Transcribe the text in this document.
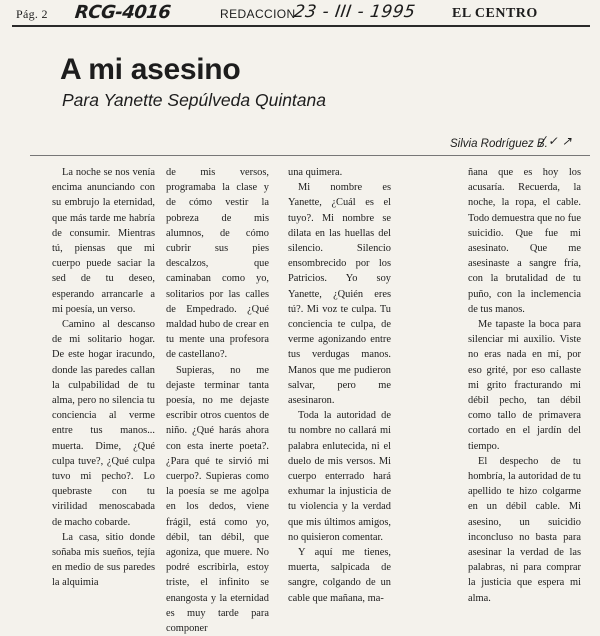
Pág. 2 RCG-4016	REDACCION
23 - III - 1995	EL CENTRO
A mi asesino
Para Yanette Sepúlveda Quintana
Silvia Rodríguez B.
/ ✓ ↗

La noche se nos venía encima anunciando con su embrujo la eternidad, que más tarde me habría de consumir. Mientras tú, piensas que mi cuerpo puede saciar la sed de tu deseo, esperando arrancarle a mi poesía, un verso.

Camino al descanso de mi solitario hogar. De este hogar iracundo, donde las paredes callan la culpabilidad de tu alma, pero no silencia tu conciencia al verme entre tus manos... muerta. Dime, ¿Qué culpa tuve?, ¿Qué culpa tuvo mi pecho?. Lo quebraste con tu virilidad menoscabada de macho cobarde.

La casa, sitio donde soñaba mis sueños, tejía en medio de sus paredes la alquimia

de mis versos, programaba la clase y de cómo vestir la pobreza de mis alumnos, de cómo cubrir sus pies descalzos, que caminaban como yo, solitarios por las calles de Empedrado. ¿Qué maldad hubo de crear en tu mente una profesora de castellano?.

Supieras, no me dejaste terminar tanta poesía, no me dejaste escribir otros cuentos de niño. ¿Qué harás ahora con esta inerte poeta?. ¿Para qué te sirvió mi cuerpo?. Supieras como la poesía se me agolpa en los dedos, viene frágil, está como yo, débil, tan débil, que agoniza, que muere. No podré escribirla, estoy triste, el infinito se enangosta y la eternidad es muy tarde para componer

una quimera.

Mi nombre es Yanette, ¿Cuál es el tuyo?. Mi nombre se dilata en las huellas del silencio. Silencio ensombrecido por los Patricios. Yo soy Yanette, ¿Quién eres tú?. Mi voz te culpa. Tu conciencia te culpa, de verme agonizando entre tus verdugas manos. Manos que me pudieron salvar, pero me asesinaron.

Toda la autoridad de tu nombre no callará mi palabra enlutecida, ni el duelo de mis versos. Mi cuerpo enterrado hará exhumar la injusticia de tu violencia y la verdad que mis últimos amigos, no quisieron comentar.

Y aquí me tienes, muerta, salpicada de sangre, colgando de un cable que mañana, ma-

ñana que es hoy los acusaría. Recuerda, la noche, la ropa, el cable. Todo demuestra que no fue suicidio. Que fue mi asesinato. Que me asesinaste a sangre fría, con la brutalidad de tu puño, con la inclemencia de tus manos.

Me tapaste la boca para silenciar mi auxilio. Viste no eras nada en mí, por eso grité, por eso callaste mi grito fracturando mi débil pecho, tan débil como tallo de primavera cortado en el jardín del tiempo.

El despecho de tu hombría, la autoridad de tu apellido te hizo colgarme en un débil cable. Mi asesino, un suicidio inconcluso no basta para asesinar la verdad de las palabras, ni para comprar la justicia que espera mi alma.
